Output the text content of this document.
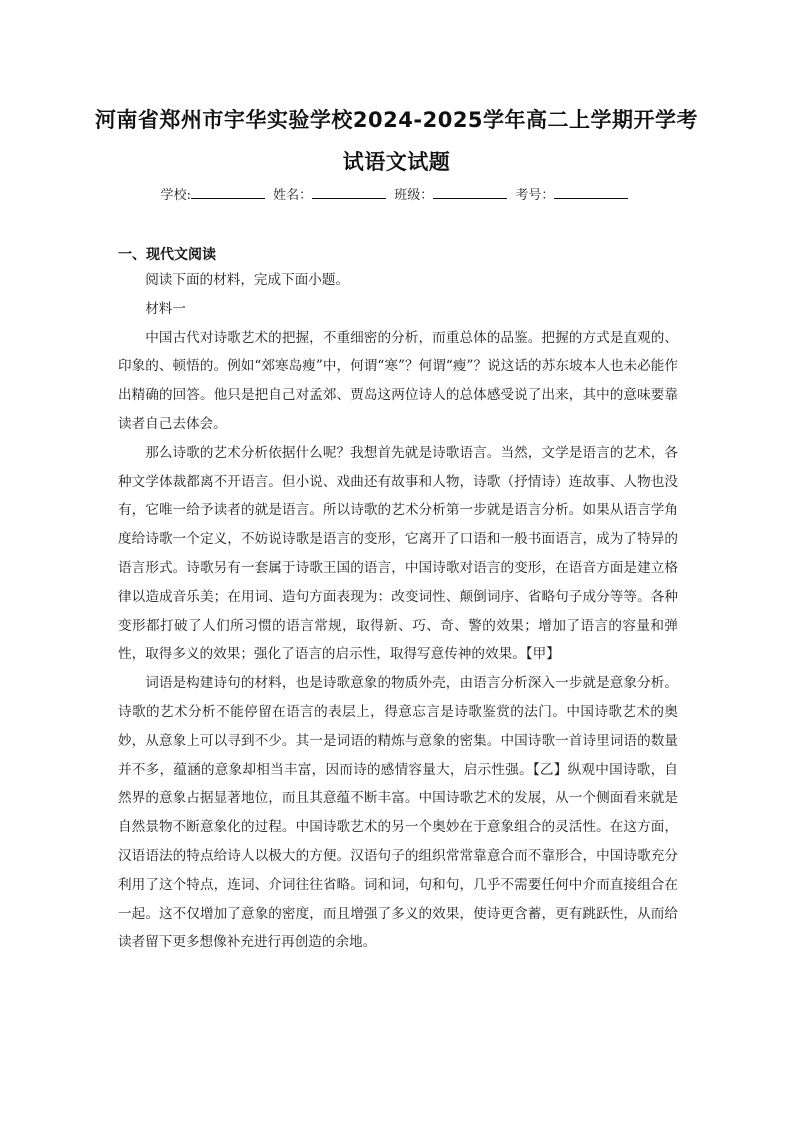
河南省郑州市宇华实验学校2024-2025学年高二上学期开学考
试语文试题
学校:	姓名：	班级：	考号：
一、现代文阅读

阅读下面的材料，完成下面小题。

材料一

中国古代对诗歌艺术的把握，不重细密的分析，而重总体的品鉴。把握的方式是直观的、印象的、顿悟的。例如“郊寒岛瘦”中，何谓“寒”？何谓“瘦”？说这话的苏东坡本人也未必能作出精确的回答。他只是把自己对孟郊、贾岛这两位诗人的总体感受说了出来，其中的意味要靠读者自己去体会。

那么诗歌的艺术分析依据什么呢？我想首先就是诗歌语言。当然，文学是语言的艺术，各种文学体裁都离不开语言。但小说、戏曲还有故事和人物，诗歌（抒情诗）连故事、人物也没有，它唯一给予读者的就是语言。所以诗歌的艺术分析第一步就是语言分析。如果从语言学角度给诗歌一个定义，不妨说诗歌是语言的变形，它离开了口语和一般书面语言，成为了特异的语言形式。诗歌另有一套属于诗歌王国的语言，中国诗歌对语言的变形，在语音方面是建立格律以造成音乐美；在用词、造句方面表现为：改变词性、颠倒词序、省略句子成分等等。各种变形都打破了人们所习惯的语言常规，取得新、巧、奇、警的效果；增加了语言的容量和弹性，取得多义的效果；强化了语言的启示性，取得写意传神的效果。【甲】

词语是构建诗句的材料，也是诗歌意象的物质外壳，由语言分析深入一步就是意象分析。诗歌的艺术分析不能停留在语言的表层上，得意忘言是诗歌鉴赏的法门。中国诗歌艺术的奥妙，从意象上可以寻到不少。其一是词语的精炼与意象的密集。中国诗歌一首诗里词语的数量并不多，蕴涵的意象却相当丰富，因而诗的感情容量大，启示性强。【乙】纵观中国诗歌，自然界的意象占据显著地位，而且其意蕴不断丰富。中国诗歌艺术的发展，从一个侧面看来就是自然景物不断意象化的过程。中国诗歌艺术的另一个奥妙在于意象组合的灵活性。在这方面，汉语语法的特点给诗人以极大的方便。汉语句子的组织常常靠意合而不靠形合，中国诗歌充分利用了这个特点，连词、介词往往省略。词和词，句和句，几乎不需要任何中介而直接组合在一起。这不仅增加了意象的密度，而且增强了多义的效果，使诗更含蓄，更有跳跃性，从而给读者留下更多想像补充进行再创造的余地。
